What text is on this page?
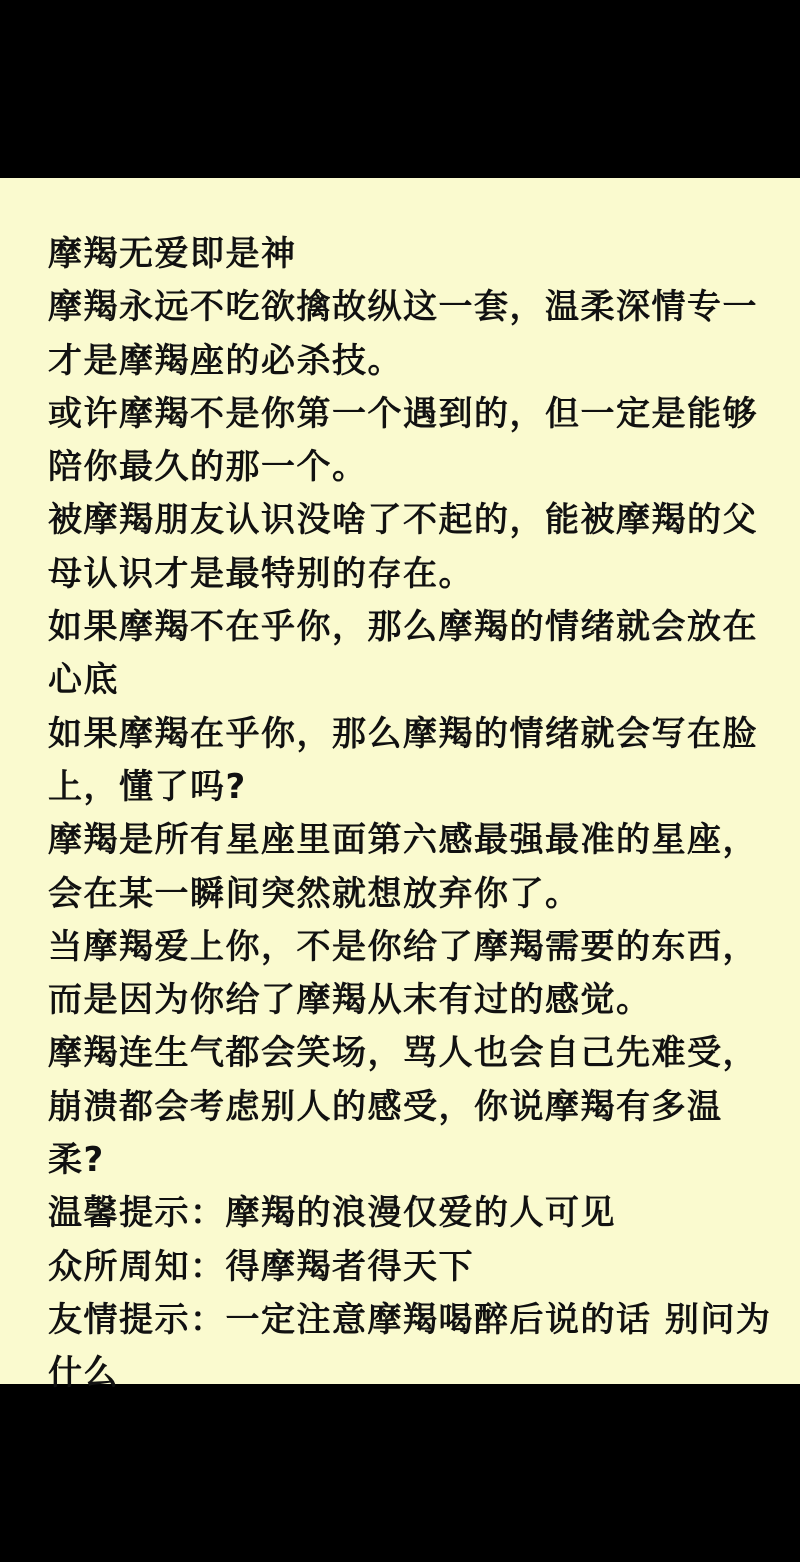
摩羯无爱即是神
摩羯永远不吃欲擒故纵这一套，温柔深情专一
才是摩羯座的必杀技。
或许摩羯不是你第一个遇到的，但一定是能够
陪你最久的那一个。
被摩羯朋友认识没啥了不起的，能被摩羯的父
母认识才是最特别的存在。
如果摩羯不在乎你，那么摩羯的情绪就会放在
心底
如果摩羯在乎你，那么摩羯的情绪就会写在脸
上，懂了吗?
摩羯是所有星座里面第六感最强最准的星座，
会在某一瞬间突然就想放弃你了。
当摩羯爱上你，不是你给了摩羯需要的东西，
而是因为你给了摩羯从末有过的感觉。
摩羯连生气都会笑场，骂人也会自己先难受，
崩溃都会考虑别人的感受，你说摩羯有多温
柔?
温馨提示：摩羯的浪漫仅爱的人可见
众所周知：得摩羯者得天下
友情提示：一定注意摩羯喝醉后说的话 别问为
什么
